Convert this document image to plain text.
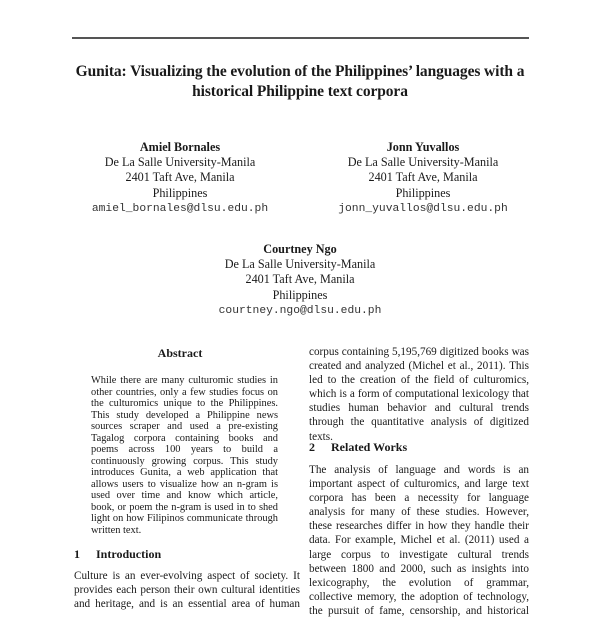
Gunita: Visualizing the evolution of the Philippines’ languages with a historical Philippine text corpora
Amiel Bornales
De La Salle University-Manila
2401 Taft Ave, Manila
Philippines
amiel_bornales@dlsu.edu.ph
Jonn Yuvallos
De La Salle University-Manila
2401 Taft Ave, Manila
Philippines
jonn_yuvallos@dlsu.edu.ph
Courtney Ngo
De La Salle University-Manila
2401 Taft Ave, Manila
Philippines
courtney.ngo@dlsu.edu.ph
Abstract

While there are many culturomic studies in other countries, only a few studies focus on the culturomics unique to the Philippines. This study developed a Philippine news sources scraper and used a pre-existing Tagalog corpora containing books and poems across 100 years to build a continuously growing corpus. This study introduces Gunita, a web application that allows users to visualize how an n-gram is used over time and know which article, book, or poem the n-gram is used in to shed light on how Filipinos communicate through written text.

1 Introduction

Culture is an ever-evolving aspect of society. It provides each person their own cultural identities and heritage, and is an essential area of human

corpus containing 5,195,769 digitized books was created and analyzed (Michel et al., 2011). This led to the creation of the field of culturomics, which is a form of computational lexicology that studies human behavior and cultural trends through the quantitative analysis of digitized texts.

2 Related Works

The analysis of language and words is an important aspect of culturomics, and large text corpora has been a necessity for language analysis for many of these studies. However, these researches differ in how they handle their data. For example, Michel et al. (2011) used a large corpus to investigate cultural trends between 1800 and 2000, such as insights into lexicography, the evolution of grammar, collective memory, the adoption of technology, the pursuit of fame, censorship, and historical
